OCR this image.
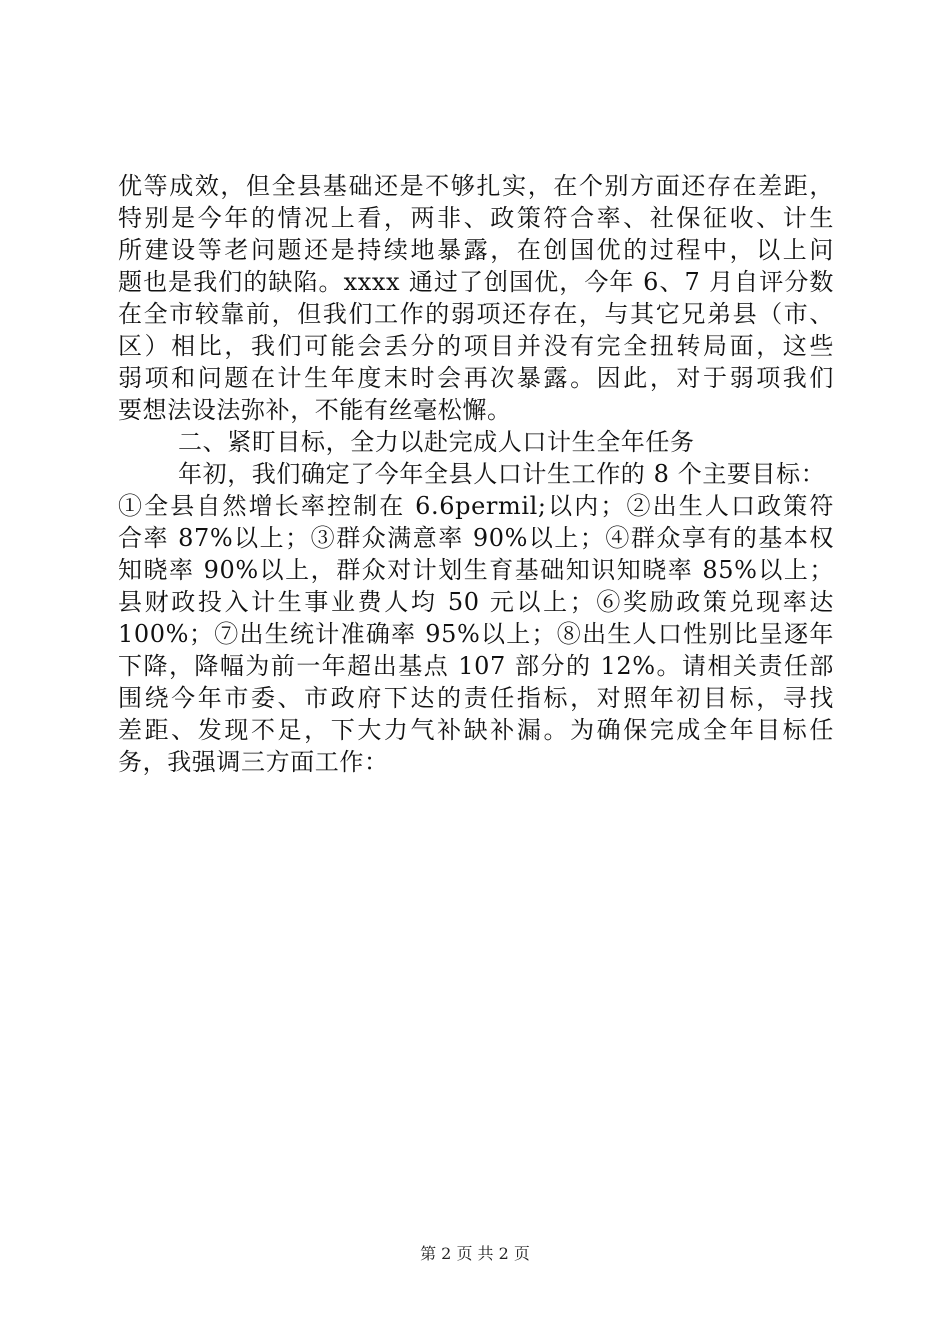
优等成效，但全县基础还是不够扎实，在个别方面还存在差距，
特别是今年的情况上看，两非、政策符合率、社保征收、计生
所建设等老问题还是持续地暴露，在创国优的过程中，以上问
题也是我们的缺陷。xxxx 通过了创国优，今年 6、7 月自评分数
在全市较靠前，但我们工作的弱项还存在，与其它兄弟县（市、
区）相比，我们可能会丢分的项目并没有完全扭转局面，这些
弱项和问题在计生年度末时会再次暴露。因此，对于弱项我们
要想法设法弥补，不能有丝毫松懈。
二、紧盯目标，全力以赴完成人口计生全年任务
年初，我们确定了今年全县人口计生工作的 8 个主要目标：
①全县自然增长率控制在 6.6permil;以内；②出生人口政策符
合率 87%以上；③群众满意率 90%以上；④群众享有的基本权
知晓率 90%以上，群众对计划生育基础知识知晓率 85%以上；
县财政投入计生事业费人均 50 元以上；⑥奖励政策兑现率达
100%；⑦出生统计准确率 95%以上；⑧出生人口性别比呈逐年
下降，降幅为前一年超出基点 107 部分的 12%。请相关责任部
围绕今年市委、市政府下达的责任指标，对照年初目标，寻找
差距、发现不足，下大力气补缺补漏。为确保完成全年目标任
务，我强调三方面工作：
第 2 页 共 2 页
